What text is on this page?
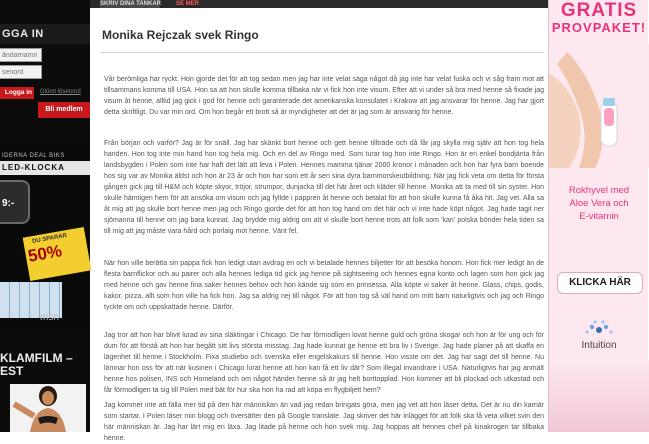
GGA IN
ändarnamn
Logga in	Glömt lösenord
Bli medlem
IDERNA DEAL BIKS
LED-KLOCKA
9:-
DU SPARAR
50%
msn
KLAMFILM –
EST
SKRIV DINA TANKAR	SE MER
Monika Rejczak svek Ringo

Vår berömliga har ryckt. Hon gjorde det för att tog sedan men jag har inte velat säga något då jag inte har velat fuska och vi såg fram mot att tillsammans komma till USA. Hon sa att hon skulle komma tillbaka när vi fick hon inte visum. Efter att vi under så bra med henne så fixade jag visum åt henne, alltid jag gick i god för henne och garanterade det amerikanska konsulatet i Krakow att jag ansvarar för henne. Jag har gjort detta skriftligt. Du var min ord. Om hon begår ett brott så är myndigheter att det är jag som är ansvarig för henne.

Från början och varför? Jag är för snäll. Jag har skänkt bort henne och gett henne tillträde och då får jag skylla mig själv att hon tog hela handen. Hon tog inte min hand hon tog hela mig. Och en del av Ringo med. Som turar tog hon inte Ringo. Hon är en enkel bondjänta från landsbygden i Polen som inte har haft det lätt att leva i Polen. Hennes mamma tjänar 2000 kronor i månaden och hon har fyra barn boende hos sig var av Monika äldst och hon är 23 år och hon har som ett år sen sina dyra barnmorskeutbildning. När jag fick veta om detta för första gången gick jag till H&M och köpte skyor, tröjor, strumpor, dunjacka till det här året och kläder till henne. Monika att ta med till sin syster. Hon skulle hämtigen hem för att ansöka om visum och jag fyllde i pappren åt henne och betalat för att hon skulle kunna få åka hit. Jag vet. Alla sa åt mig att jag skulle bort henne men jag och Ringo gjorde det för att hon tog hand om det här och vi inte hade köpt något. Jag hade tagit ner sjömanna till henne om jag bara kunnat. Jag brydde mig aldrig om att vi skulle bort henne trots att folk som 'kan' polska bönder hela tiden sa till mig att jag måste vara hård och porlaig mot henne. Vänt fel.

När hon ville berätta sin pappa fick hon ledigt utan avdrag en och vi betalade hennes biljetter för att besöka honom. Hon fick mer ledigt än de flesta barnflickor och au pairer och alla hennes lediga tid gick jag henne på sightseeing och hennes egna konto och lagen som hon gick jag med henne och gav henne fina saker hennes behov och hon kände sig som en prinsessa. Alla köpte vi saker åt henne. Glass, chips, godis, kakor, pizza, allt som hon ville ha fick hon. Jag sa aldrig nej till något. För att hon tog så väl hand om mitt barn naturligtvis och jag och Ringo tyckte om och uppskattade henne. Därför.

Jag tror att hon har blivit lurad av sina släktingar i Chicago. De har förmodligen lovat henne guld och gröna skogar och hon är för ung och för dum för att förstå att hon har begått sitt livs största misstag. Jag hade kunnat ge henne ett bra liv i Sverige. Jag hade planer på att skaffa en lägenhet till henne i Stockholm. Fixa studiebo och svenska eller engelskakurs till henne. Hon visste om det. Jag har sagt det till henne. Nu lämnar hon oss för att när kusinen i Chicago lurat henne att hon kan få ett liv där? Som illegal invandrare i USA. Naturligtvis har jag anmält henne hos polisen, INS och Homeland och om något händer henne så är jag helt borttopplad. Hon kommer att bli plockad och utkastad och får förmodligen ta sig till Polen med bät för hur ska hon ha rad att köpa en flygbiljett hem?

Jag kommer inte att fälla mer tid på den här människan än vad jag redan bringats göra, men jag vet att hon läser detta. Det är nu din karriär som startar. I Polen läser min blogg och översätter den på Google translate. Jag skriver det här inlägget för att folk ska få veta vilket svin den här människan är. Jag har lärt mig en läxa. Jag litade på henne och hon svek mig. Jag hoppas att hennes chef på kinakrogen tar tillbaka henne.

GRATIS
PROVPAKET!
Rokhyvel med
Aloe Vera och
E-vitamin
KLICKA HÄR
Intuition
